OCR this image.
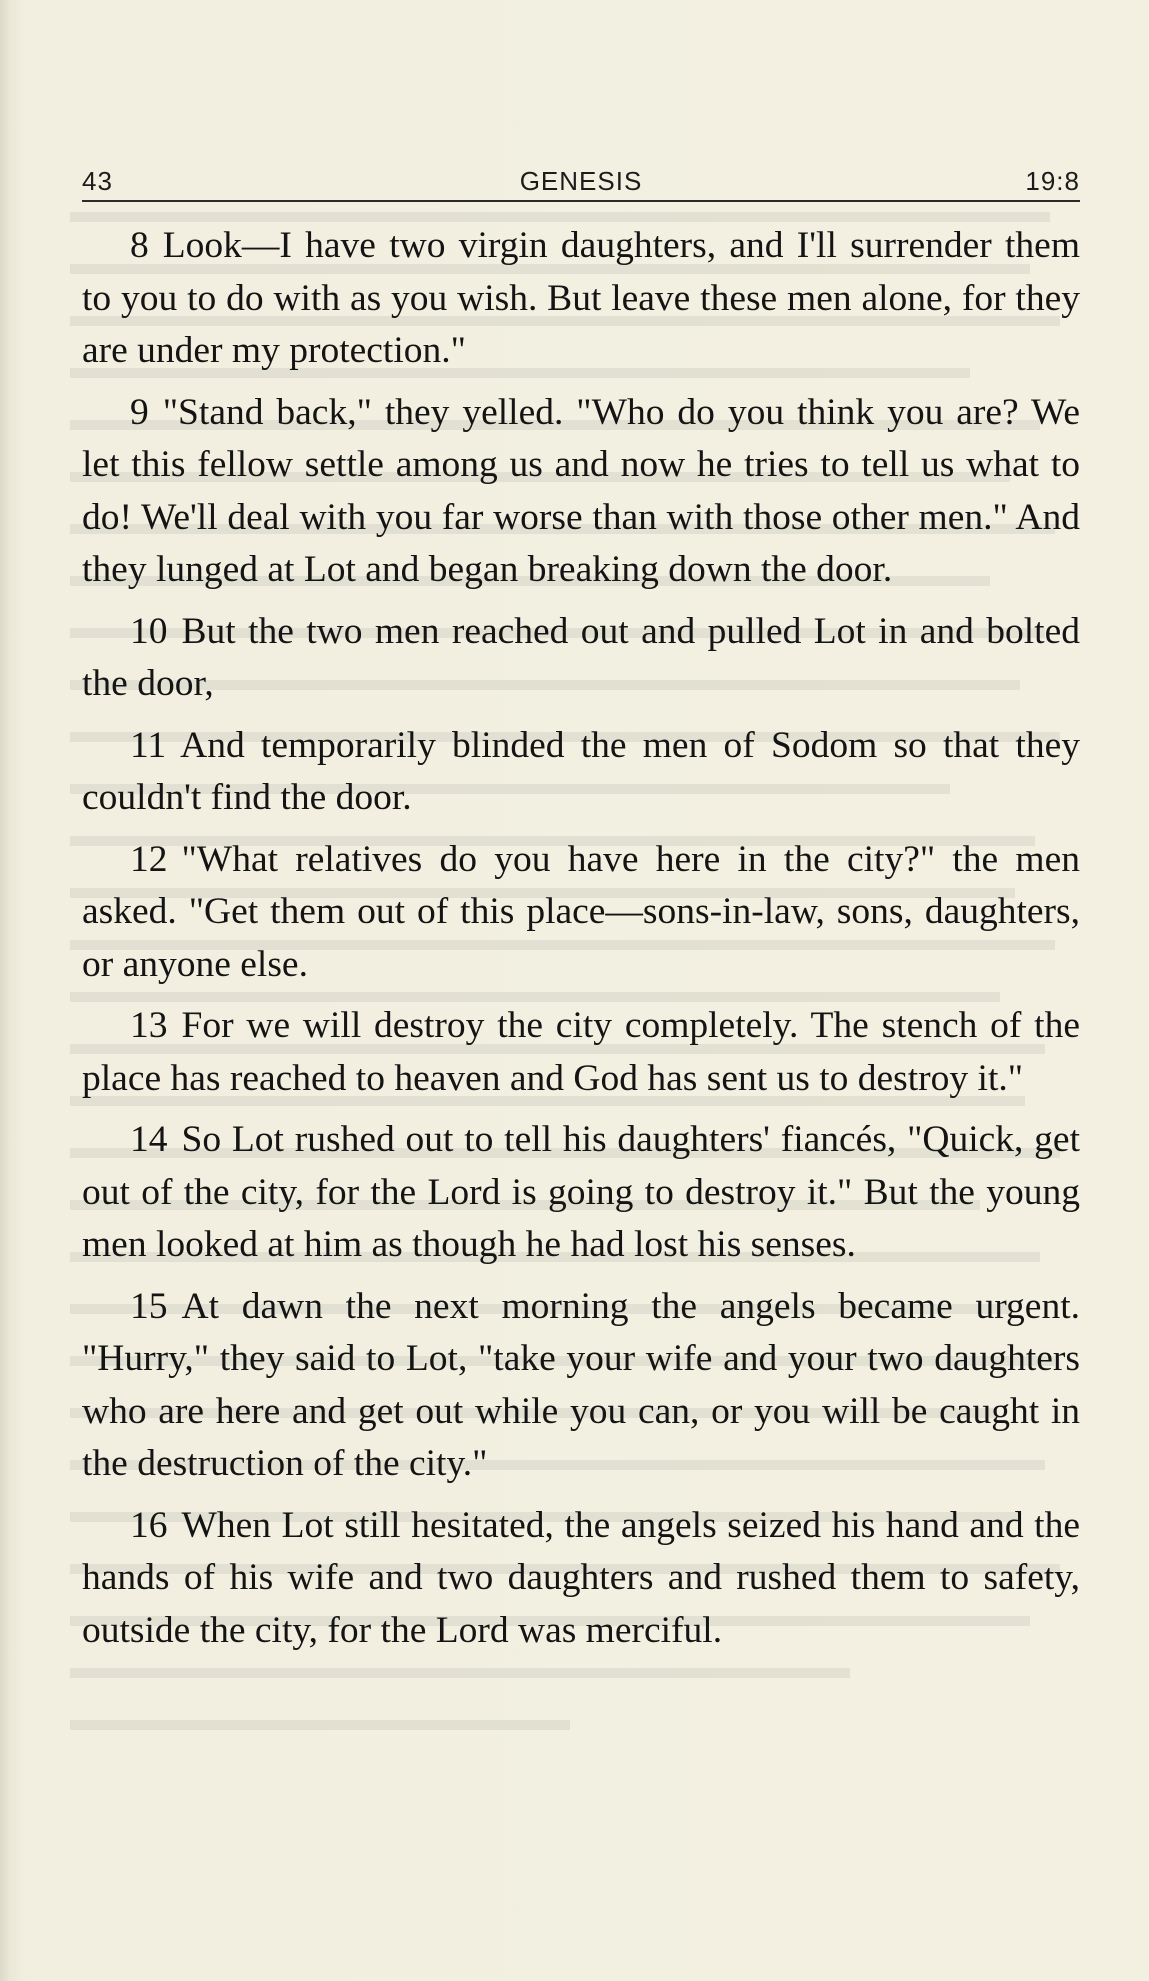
43	GENESIS	19:8

8 Look—I have two virgin daughters, and I'll surrender them to you to do with as you wish. But leave these men alone, for they are under my protection."

9 "Stand back," they yelled. "Who do you think you are? We let this fellow settle among us and now he tries to tell us what to do! We'll deal with you far worse than with those other men." And they lunged at Lot and began breaking down the door.

10 But the two men reached out and pulled Lot in and bolted the door,

11 And temporarily blinded the men of Sodom so that they couldn't find the door.

12 "What relatives do you have here in the city?" the men asked. "Get them out of this place—sons-in-law, sons, daughters, or anyone else.

13 For we will destroy the city completely. The stench of the place has reached to heaven and God has sent us to destroy it."

14 So Lot rushed out to tell his daughters' fiancés, "Quick, get out of the city, for the Lord is going to destroy it." But the young men looked at him as though he had lost his senses.

15 At dawn the next morning the angels became urgent. "Hurry," they said to Lot, "take your wife and your two daughters who are here and get out while you can, or you will be caught in the destruction of the city."

16 When Lot still hesitated, the angels seized his hand and the hands of his wife and two daughters and rushed them to safety, outside the city, for the Lord was merciful.
